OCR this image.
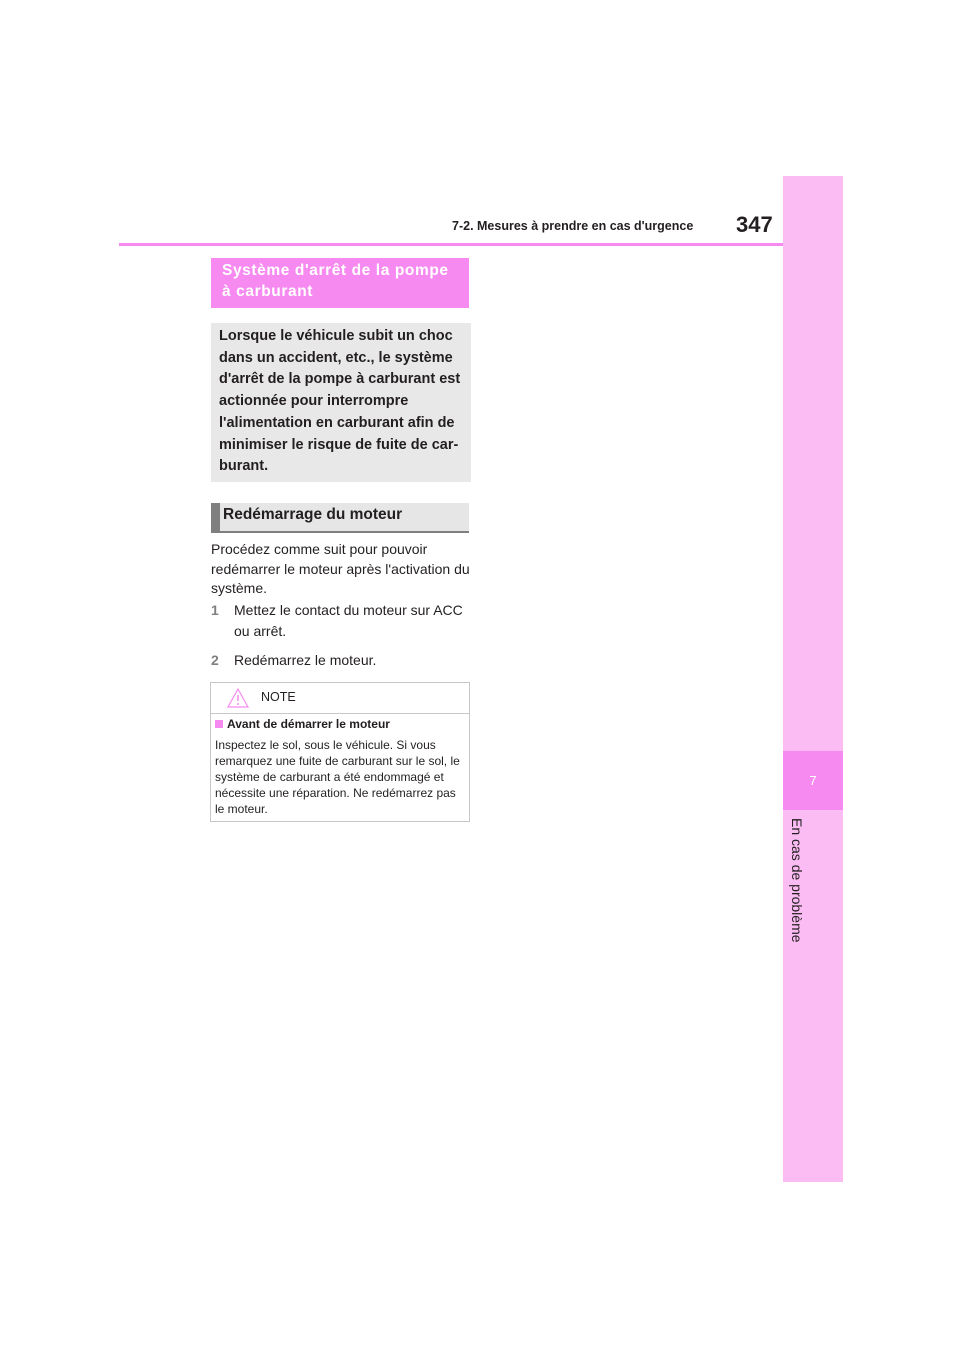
7
En cas de problème
7-2. Mesures à prendre en cas d'urgence 347
Système d'arrêt de la pompe à carburant
Lorsque le véhicule subit un choc dans un accident, etc., le système d'arrêt de la pompe à carburant est actionnée pour interrompre l'alimentation en carburant afin de minimiser le risque de fuite de car-burant.
Redémarrage du moteur
Procédez comme suit pour pouvoir redémarrer le moteur après l'activation du système.
1	Mettez le contact du moteur sur ACC ou arrêt.
2	Redémarrez le moteur.
NOTE
Avant de démarrer le moteur
Inspectez le sol, sous le véhicule. Si vous remarquez une fuite de carburant sur le sol, le système de carburant a été endommagé et nécessite une réparation. Ne redémarrez pas le moteur.
